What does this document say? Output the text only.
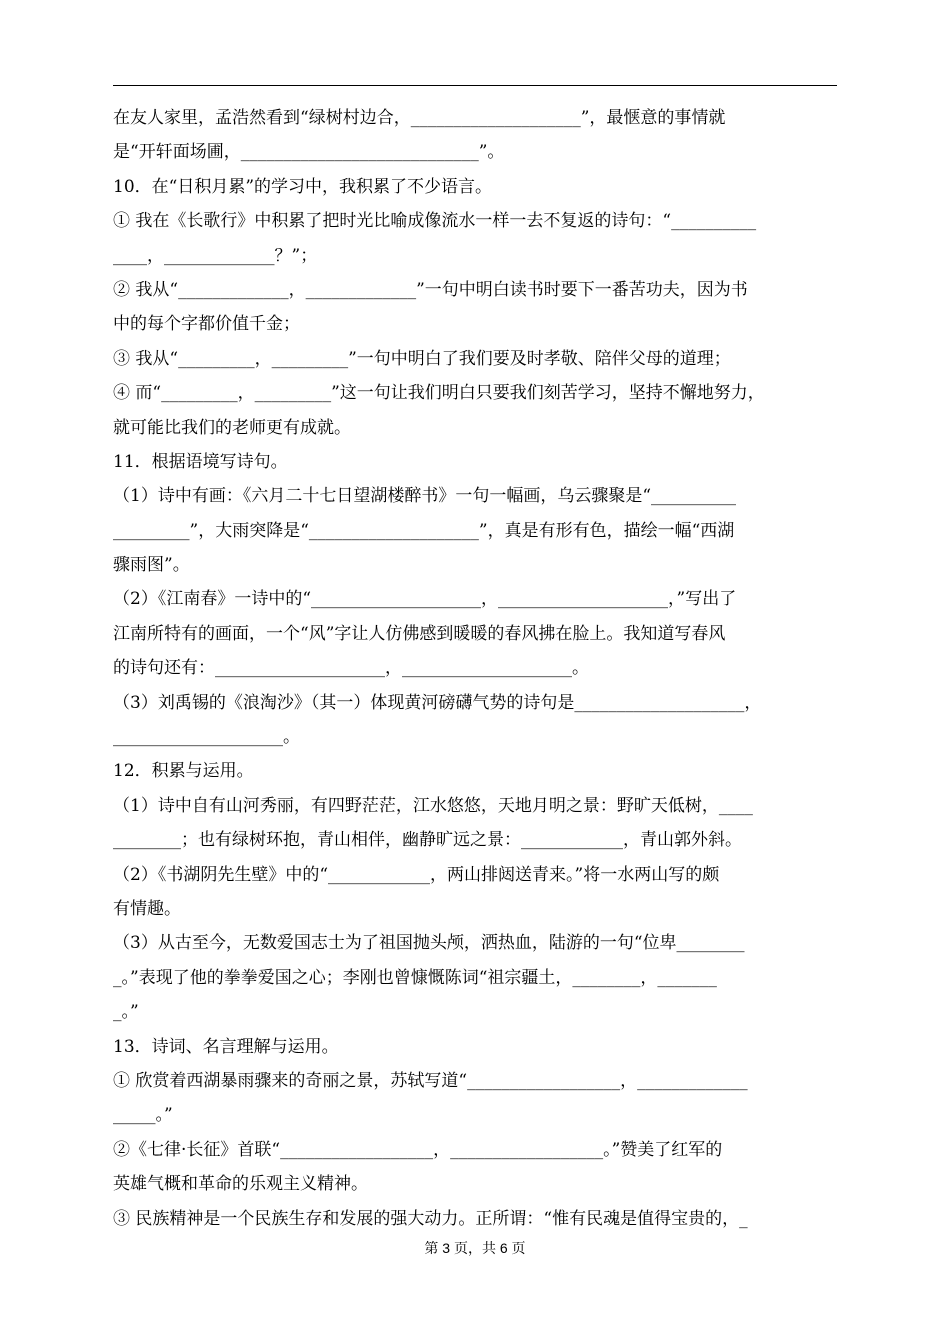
在友人家里，孟浩然看到“绿树村边合，____________________”，最惬意的事情就
是“开轩面场圃，____________________________”。
10．在“日积月累”的学习中，我积累了不少语言。
① 我在《长歌行》中积累了把时光比喻成像流水一样一去不复返的诗句：“__________
____，_____________？”；
② 我从“_____________，_____________”一句中明白读书时要下一番苦功夫，因为书
中的每个字都价值千金；
③ 我从“_________，_________”一句中明白了我们要及时孝敬、陪伴父母的道理；
④ 而“_________，_________”这一句让我们明白只要我们刻苦学习，坚持不懈地努力，
就可能比我们的老师更有成就。
11．根据语境写诗句。
（1）诗中有画：《六月二十七日望湖楼醉书》一句一幅画，乌云骤聚是“__________
_________”，大雨突降是“____________________”，真是有形有色，描绘一幅“西湖
骤雨图”。
（2）《江南春》一诗中的“____________________，____________________，”写出了
江南所特有的画面，一个“风”字让人仿佛感到暖暖的春风拂在脸上。我知道写春风
的诗句还有：____________________，____________________。
（3）刘禹锡的《浪淘沙》（其一）体现黄河磅礴气势的诗句是____________________，
____________________。
12．积累与运用。
（1）诗中自有山河秀丽，有四野茫茫，江水悠悠，天地月明之景：野旷天低树，____
________；也有绿树环抱，青山相伴，幽静旷远之景：____________，青山郭外斜。
（2）《书湖阴先生壁》中的“____________，两山排闼送青来。”将一水两山写的颇
有情趣。
（3）从古至今，无数爱国志士为了祖国抛头颅，洒热血，陆游的一句“位卑________
_。”表现了他的拳拳爱国之心；李刚也曾慷慨陈词“祖宗疆土，________，_______
_。”
13．诗词、名言理解与运用。
① 欣赏着西湖暴雨骤来的奇丽之景，苏轼写道“__________________，_____________
_____。”
②《七律·长征》首联“__________________，__________________。”赞美了红军的
英雄气概和革命的乐观主义精神。
③ 民族精神是一个民族生存和发展的强大动力。正所谓：“惟有民魂是值得宝贵的，_
第 3 页，共 6 页
